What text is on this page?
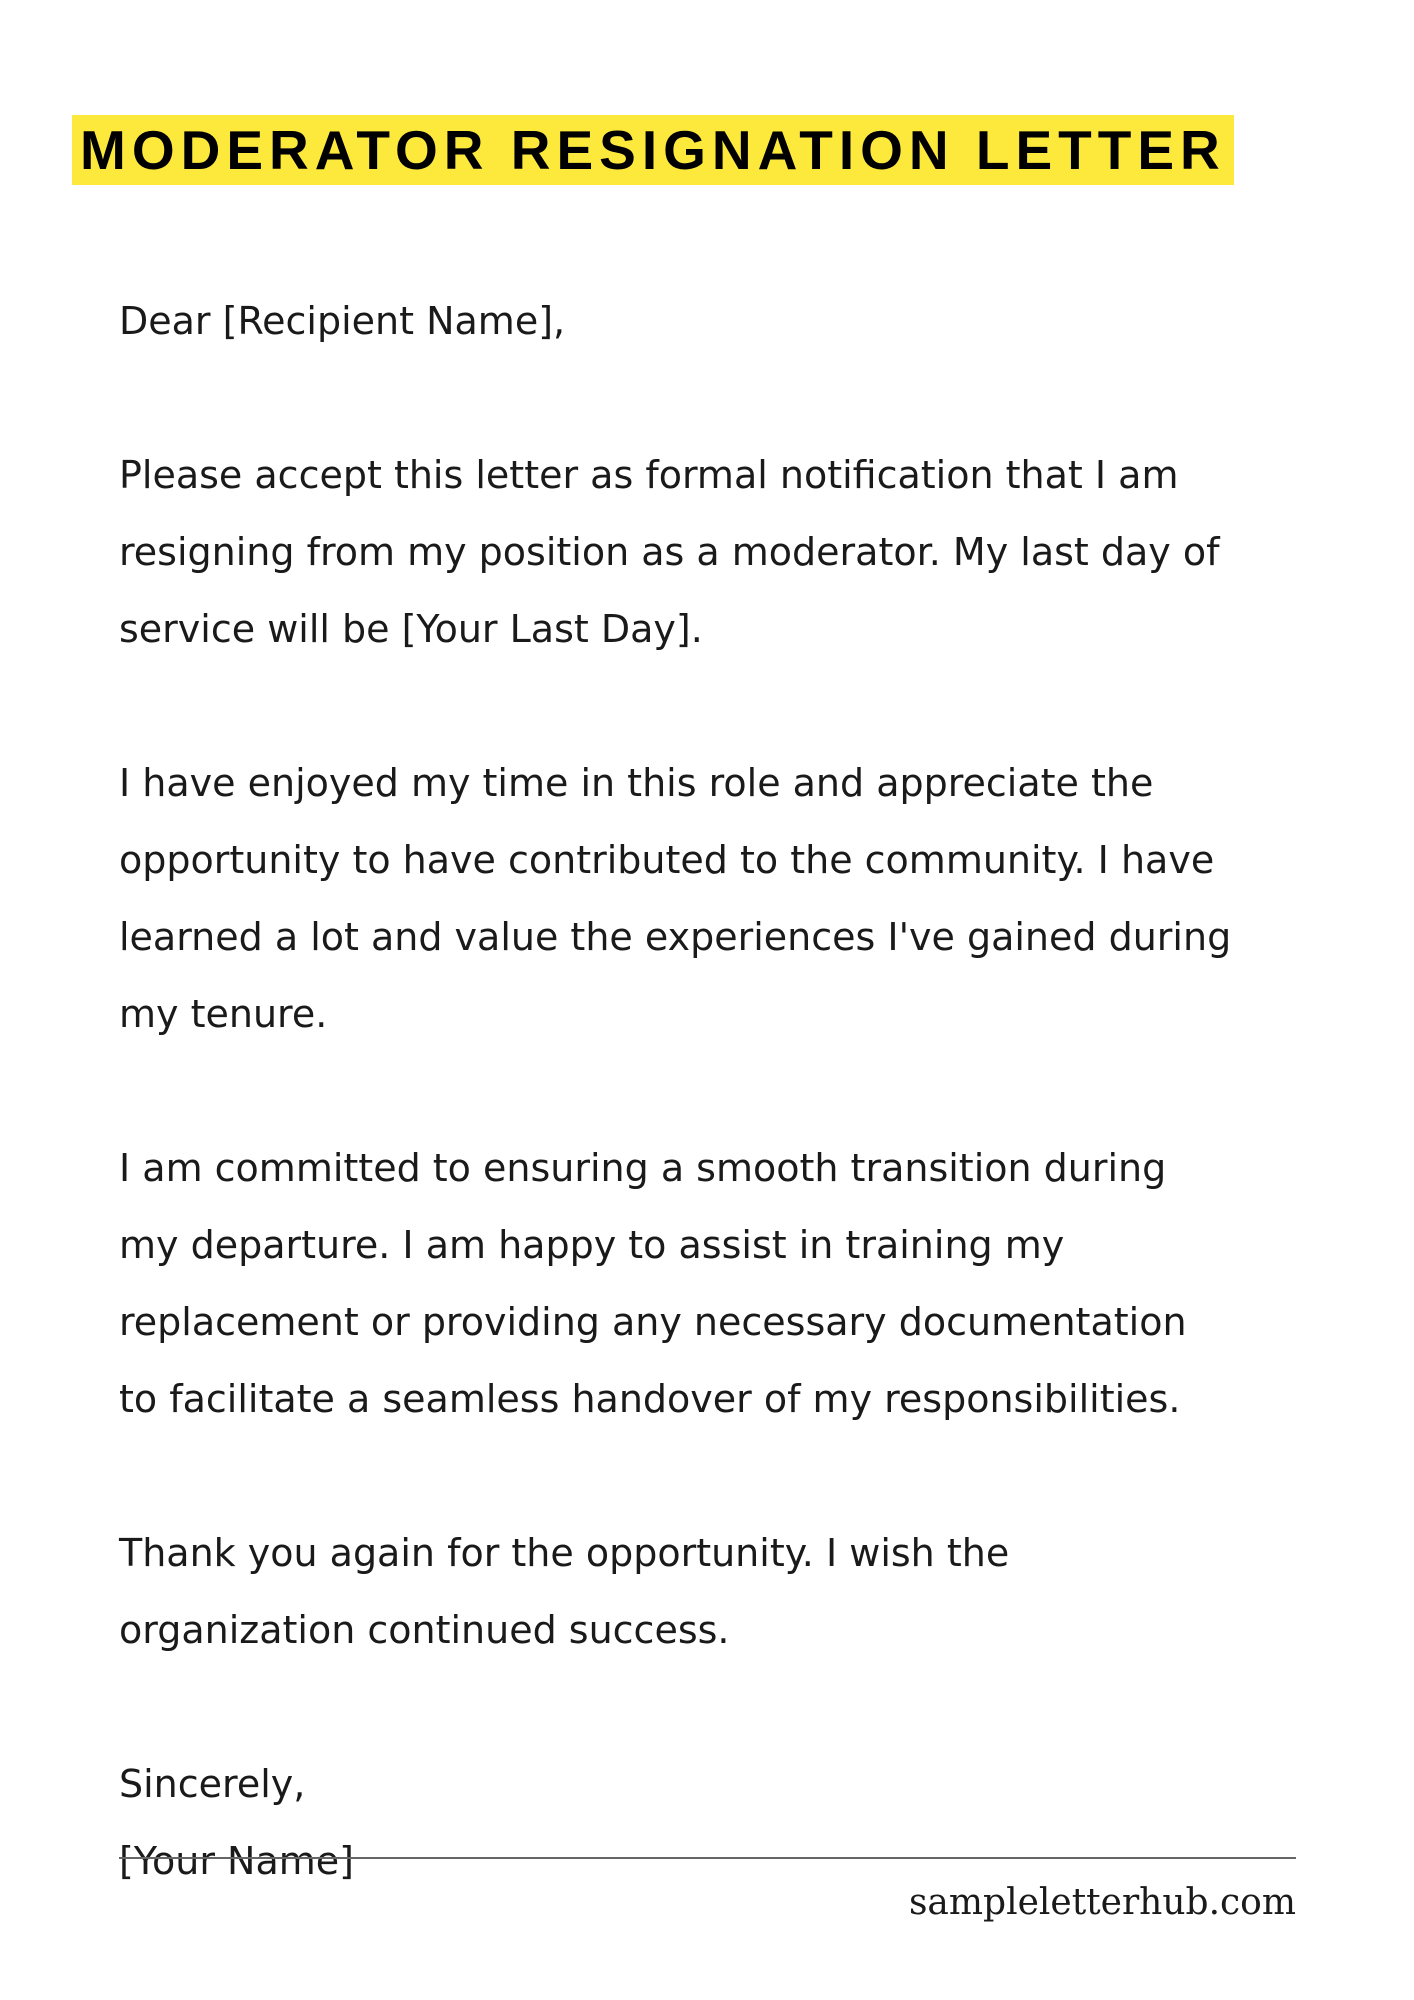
MODERATOR RESIGNATION LETTER
Dear [Recipient Name],
Please accept this letter as formal notification that I am
resigning from my position as a moderator. My last day of
service will be [Your Last Day].
I have enjoyed my time in this role and appreciate the
opportunity to have contributed to the community. I have
learned a lot and value the experiences I've gained during
my tenure.
I am committed to ensuring a smooth transition during
my departure. I am happy to assist in training my
replacement or providing any necessary documentation
to facilitate a seamless handover of my responsibilities.
Thank you again for the opportunity. I wish the
organization continued success.
Sincerely,
[Your Name]
sampleletterhub.com
